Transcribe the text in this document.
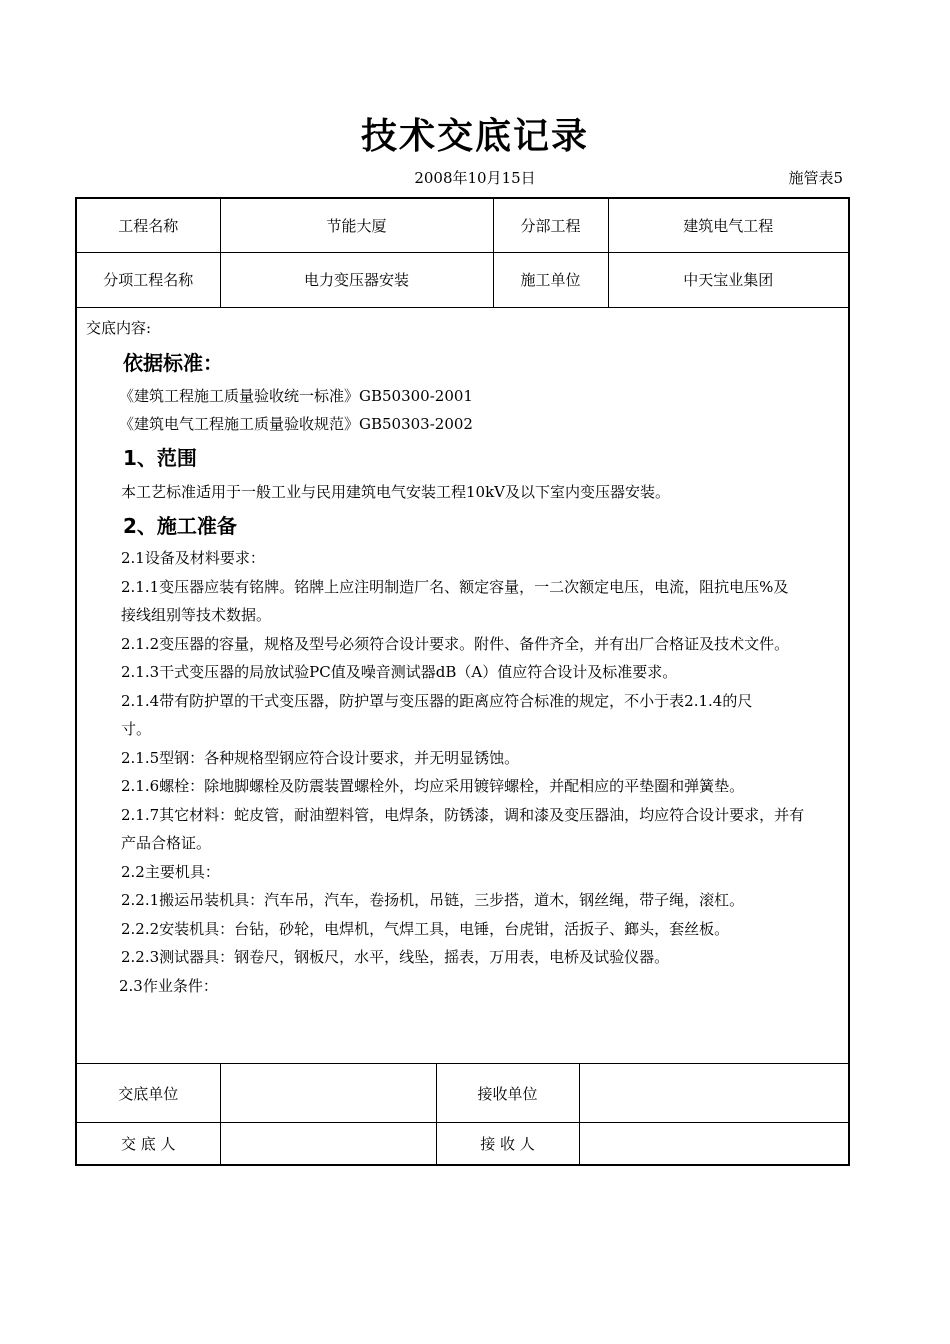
技术交底记录
2008年10月15日	施管表5
工程名称	节能大厦	分部工程	建筑电气工程
分项工程名称	电力变压器安装	施工单位	中天宝业集团
交底内容:
依据标准：
《建筑工程施工质量验收统一标准》GB50300-2001
《建筑电气工程施工质量验收规范》GB50303-2002
1、范围
本工艺标准适用于一般工业与民用建筑电气安装工程10kV及以下室内变压器安装。
2、施工准备
2.1设备及材料要求：
2.1.1变压器应装有铭牌。铭牌上应注明制造厂名、额定容量，一二次额定电压，电流，阻抗电压%及
接线组别等技术数据。
2.1.2变压器的容量，规格及型号必须符合设计要求。附件、备件齐全，并有出厂合格证及技术文件。
2.1.3干式变压器的局放试验PC值及噪音测试器dB（A）值应符合设计及标准要求。
2.1.4带有防护罩的干式变压器，防护罩与变压器的距离应符合标准的规定，不小于表2.1.4的尺
寸。
2.1.5型钢：各种规格型钢应符合设计要求，并无明显锈蚀。
2.1.6螺栓：除地脚螺栓及防震装置螺栓外，均应采用镀锌螺栓，并配相应的平垫圈和弹簧垫。
2.1.7其它材料：蛇皮管，耐油塑料管，电焊条，防锈漆，调和漆及变压器油，均应符合设计要求，并有
产品合格证。
2.2主要机具：
2.2.1搬运吊装机具：汽车吊，汽车，卷扬机，吊链，三步搭，道木，钢丝绳，带子绳，滚杠。
2.2.2安装机具：台钻，砂轮，电焊机，气焊工具，电锤，台虎钳，活扳子、鎯头，套丝板。
2.2.3测试器具：钢卷尺，钢板尺，水平，线坠，摇表，万用表，电桥及试验仪器。
2.3作业条件：
交底单位		接收单位	
交 底 人		接 收 人	
